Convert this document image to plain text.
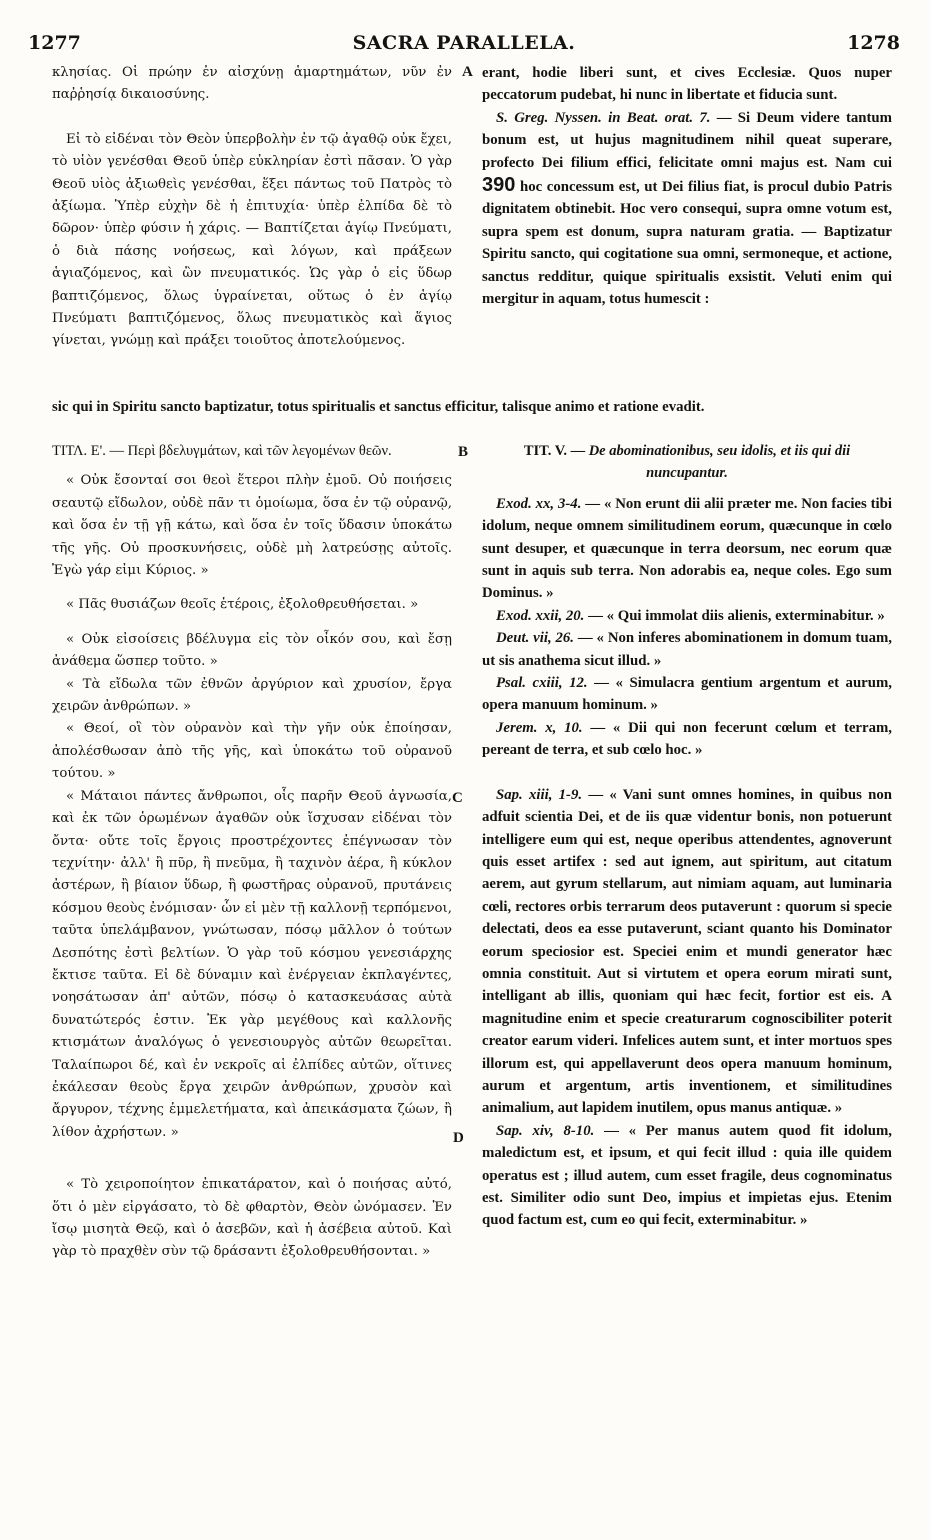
1277	SACRA PARALLELA.	1278

κλησίας. Οἱ πρώην ἐν αἰσχύνῃ ἁμαρτημάτων, νῦν ἐν παῤῥησίᾳ δικαιοσύνης.

Εἰ τὸ εἰδέναι τὸν Θεὸν ὑπερβολὴν ἐν τῷ ἀγαθῷ οὐκ ἔχει, τὸ υἱὸν γενέσθαι Θεοῦ ὑπὲρ εὐκληρίαν ἐστὶ πᾶσαν. Ὁ γὰρ Θεοῦ υἱὸς ἀξιωθεὶς γενέσθαι, ἕξει πάντως τοῦ Πατρὸς τὸ ἀξίωμα. Ὑπὲρ εὐχὴν δὲ ἡ ἐπιτυχία· ὑπὲρ ἐλπίδα δὲ τὸ δῶρον· ὑπὲρ φύσιν ἡ χάρις. — Βαπτίζεται ἁγίῳ Πνεύματι, ὁ διὰ πάσης νοήσεως, καὶ λόγων, καὶ πράξεων ἁγιαζόμενος, καὶ ὢν πνευματικός. Ὡς γὰρ ὁ εἰς ὕδωρ βαπτιζόμενος, ὅλως ὑγραίνεται, οὕτως ὁ ἐν ἁγίῳ Πνεύματι βαπτιζόμενος, ὅλως πνευματικὸς καὶ ἅγιος γίνεται, γνώμῃ καὶ πράξει τοιοῦτος ἀποτελούμενος.

erant, hodie liberi sunt, et cives Ecclesiæ. Quos nuper peccatorum pudebat, hi nunc in libertate et fiducia sunt.

S. Greg. Nyssen. in Beat. orat. 7. — Si Deum videre tantum bonum est, ut hujus magnitudinem nihil queat superare, profecto Dei filium effici, felicitate omni majus est. Nam cui 390 hoc concessum est, ut Dei filius fiat, is procul dubio Patris dignitatem obtinebit. Hoc vero consequi, supra omne votum est, supra spem est donum, supra naturam gratia. — Baptizatur Spiritu sancto, qui cogitatione sua omni, sermoneque, et actione, sanctus redditur, quique spiritualis exsistit. Veluti enim qui mergitur in aquam, totus humescit :

sic qui in Spiritu sancto baptizatur, totus spiritualis et sanctus efficitur, talisque animo et ratione evadit.

ΤΙΤΛ. Ε'. — Περὶ βδελυγμάτων, καὶ τῶν λεγομένων θεῶν.

« Οὐκ ἔσονταί σοι θεοὶ ἕτεροι πλὴν ἐμοῦ. Οὐ ποιήσεις σεαυτῷ εἴδωλον, οὐδὲ πᾶν τι ὁμοίωμα, ὅσα ἐν τῷ οὐρανῷ, καὶ ὅσα ἐν τῇ γῇ κάτω, καὶ ὅσα ἐν τοῖς ὕδασιν ὑποκάτω τῆς γῆς. Οὐ προσκυνήσεις, οὐδὲ μὴ λατρεύσῃς αὐτοῖς. Ἐγὼ γάρ εἰμι Κύριος. »

« Πᾶς θυσιάζων θεοῖς ἑτέροις, ἐξολοθρευθήσεται. »

« Οὐκ εἰσοίσεις βδέλυγμα εἰς τὸν οἶκόν σου, καὶ ἔσῃ ἀνάθεμα ὥσπερ τοῦτο. »

« Τὰ εἴδωλα τῶν ἐθνῶν ἀργύριον καὶ χρυσίον, ἔργα χειρῶν ἀνθρώπων. »

« Θεοί, οἳ τὸν οὐρανὸν καὶ τὴν γῆν οὐκ ἐποίησαν, ἀπολέσθωσαν ἀπὸ τῆς γῆς, καὶ ὑποκάτω τοῦ οὐρανοῦ τούτου. »

« Μάταιοι πάντες ἄνθρωποι, οἷς παρῆν Θεοῦ ἀγνωσία, καὶ ἐκ τῶν ὁρωμένων ἀγαθῶν οὐκ ἴσχυσαν εἰδέναι τὸν ὄντα· οὔτε τοῖς ἔργοις προστρέχοντες ἐπέγνωσαν τὸν τεχνίτην· ἀλλ' ἢ πῦρ, ἢ πνεῦμα, ἢ ταχινὸν ἀέρα, ἢ κύκλον ἀστέρων, ἢ βίαιον ὕδωρ, ἢ φωστῆρας οὐρανοῦ, πρυτάνεις κόσμου θεοὺς ἐνόμισαν· ὧν εἰ μὲν τῇ καλλονῇ τερπόμενοι, ταῦτα ὑπελάμβανον, γνώτωσαν, πόσῳ μᾶλλον ὁ τούτων Δεσπότης ἐστὶ βελτίων. Ὁ γὰρ τοῦ κόσμου γενεσιάρχης ἔκτισε ταῦτα. Εἰ δὲ δύναμιν καὶ ἐνέργειαν ἐκπλαγέντες, νοησάτωσαν ἀπ' αὐτῶν, πόσῳ ὁ κατασκευάσας αὐτὰ δυνατώτερός ἐστιν. Ἐκ γὰρ μεγέθους καὶ καλλονῆς κτισμάτων ἀναλόγως ὁ γενεσιουργὸς αὐτῶν θεωρεῖται. Ταλαίπωροι δέ, καὶ ἐν νεκροῖς αἱ ἐλπίδες αὐτῶν, οἵτινες ἐκάλεσαν θεοὺς ἔργα χειρῶν ἀνθρώπων, χρυσὸν καὶ ἄργυρον, τέχνης ἐμμελετήματα, καὶ ἀπεικάσματα ζώων, ἢ λίθον ἀχρήστων. »

« Τὸ χειροποίητον ἐπικατάρατον, καὶ ὁ ποιήσας αὐτό, ὅτι ὁ μὲν εἰργάσατο, τὸ δὲ φθαρτὸν, Θεὸν ὠνόμασεν. Ἐν ἴσῳ μισητὰ Θεῷ, καὶ ὁ ἀσεβῶν, καὶ ἡ ἀσέβεια αὐτοῦ. Καὶ γὰρ τὸ πραχθὲν σὺν τῷ δράσαντι ἐξολοθρευθήσονται. »

TIT. V. — De abominationibus, seu idolis, et iis qui dii nuncupantur.

Exod. xx, 3-4. — « Non erunt dii alii præter me. Non facies tibi idolum, neque omnem similitudinem eorum, quæcunque in cœlo sunt desuper, et quæcunque in terra deorsum, nec eorum quæ sunt in aquis sub terra. Non adorabis ea, neque coles. Ego sum Dominus. »

Exod. xxii, 20. — « Qui immolat diis alienis, exterminabitur. »

Deut. vii, 26. — « Non inferes abominationem in domum tuam, ut sis anathema sicut illud. »

Psal. cxiii, 12. — « Simulacra gentium argentum et aurum, opera manuum hominum. »

Jerem. x, 10. — « Dii qui non fecerunt cœlum et terram, pereant de terra, et sub cœlo hoc. »

Sap. xiii, 1-9. — « Vani sunt omnes homines, in quibus non adfuit scientia Dei, et de iis quæ videntur bonis, non potuerunt intelligere eum qui est, neque operibus attendentes, agnoverunt quis esset artifex : sed aut ignem, aut spiritum, aut citatum aerem, aut gyrum stellarum, aut nimiam aquam, aut luminaria cœli, rectores orbis terrarum deos putaverunt : quorum si specie delectati, deos ea esse putaverunt, sciant quanto his Dominator eorum speciosior est. Speciei enim et mundi generator hæc omnia constituit. Aut si virtutem et opera eorum mirati sunt, intelligant ab illis, quoniam qui hæc fecit, fortior est eis. A magnitudine enim et specie creaturarum cognoscibiliter poterit creator earum videri. Infelices autem sunt, et inter mortuos spes illorum est, qui appellaverunt deos opera manuum hominum, aurum et argentum, artis inventionem, et similitudines animalium, aut lapidem inutilem, opus manus antiquæ. »

Sap. xiv, 8-10. — « Per manus autem quod fit idolum, maledictum est, et ipsum, et qui fecit illud : quia ille quidem operatus est ; illud autem, cum esset fragile, deus cognominatus est. Similiter odio sunt Deo, impius et impietas ejus. Etenim quod factum est, cum eo qui fecit, exterminabitur. »

A
B
C
D
